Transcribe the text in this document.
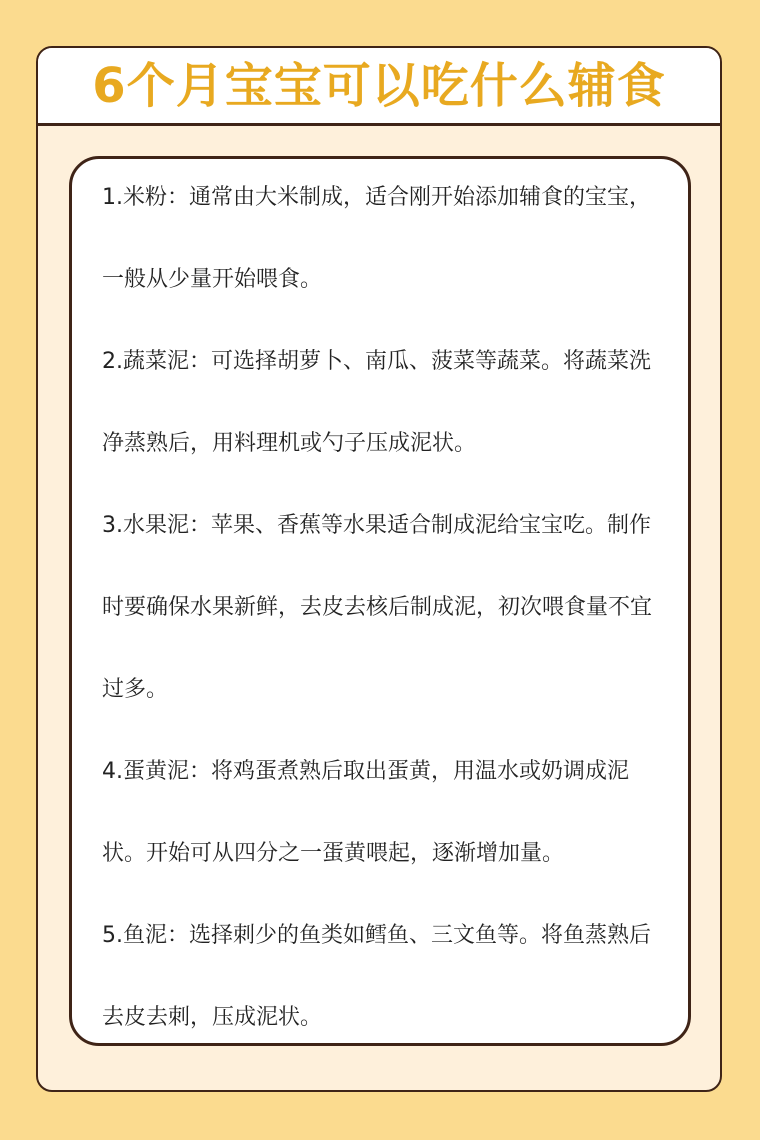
6个月宝宝可以吃什么辅食

1.米粉：通常由大米制成，适合刚开始添加辅食的宝宝，一般从少量开始喂食。

2.蔬菜泥：可选择胡萝卜、南瓜、菠菜等蔬菜。将蔬菜洗净蒸熟后，用料理机或勺子压成泥状。

3.水果泥：苹果、香蕉等水果适合制成泥给宝宝吃。制作时要确保水果新鲜，去皮去核后制成泥，初次喂食量不宜过多。

4.蛋黄泥：将鸡蛋煮熟后取出蛋黄，用温水或奶调成泥状。开始可从四分之一蛋黄喂起，逐渐增加量。

5.鱼泥：选择刺少的鱼类如鳕鱼、三文鱼等。将鱼蒸熟后去皮去刺，压成泥状。
